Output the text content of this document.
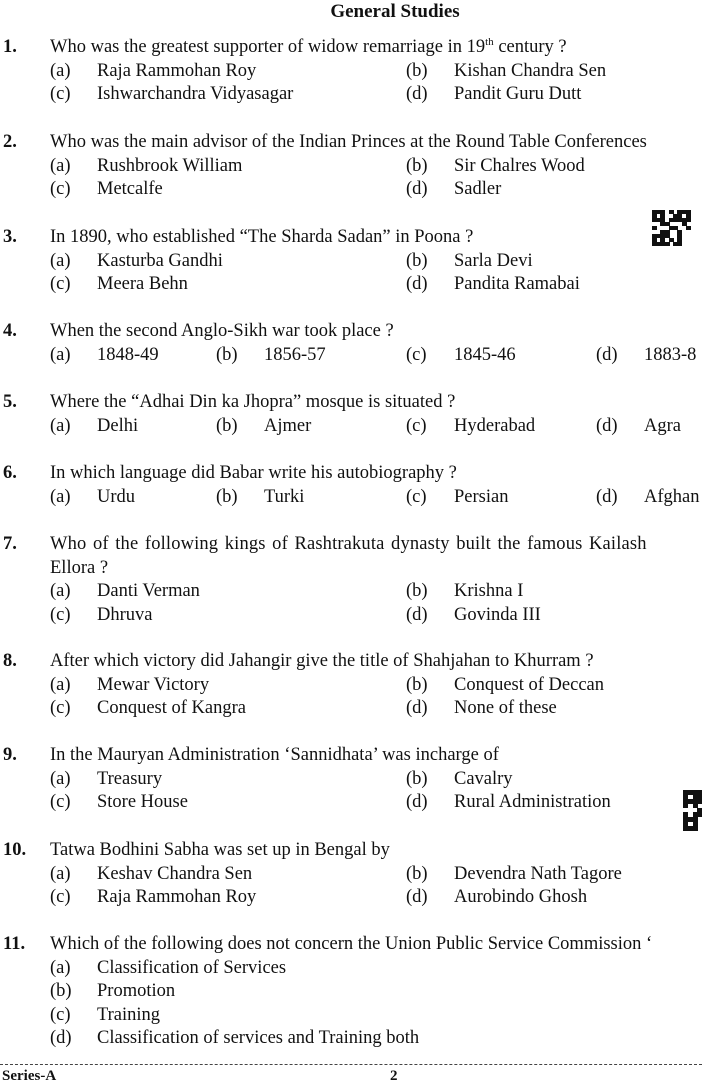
General Studies
1. Who was the greatest supporter of widow remarriage in 19th century ?
(a) Raja Rammohan Roy	(b) Kishan Chandra Sen
(c) Ishwarchandra Vidyasagar	(d) Pandit Guru Dutt
2. Who was the main advisor of the Indian Princes at the Round Table Conferences
(a) Rushbrook William	(b) Sir Chalres Wood
(c) Metcalfe	(d) Sadler
3. In 1890, who established “The Sharda Sadan” in Poona ?
(a) Kasturba Gandhi	(b) Sarla Devi
(c) Meera Behn	(d) Pandita Ramabai
4. When the second Anglo-Sikh war took place ?
(a) 1848-49	(b) 1856-57	(c) 1845-46	(d) 1883-8
5. Where the “Adhai Din ka Jhopra” mosque is situated ?
(a) Delhi	(b) Ajmer	(c) Hyderabad	(d) Agra
6. In which language did Babar write his autobiography ?
(a) Urdu	(b) Turki	(c) Persian	(d) Afghan
7. Who of the following kings of Rashtrakuta dynasty built the famous Kailash
Ellora ?
(a) Danti Verman	(b) Krishna I
(c) Dhruva	(d) Govinda III
8. After which victory did Jahangir give the title of Shahjahan to Khurram ?
(a) Mewar Victory	(b) Conquest of Deccan
(c) Conquest of Kangra	(d) None of these
9. In the Mauryan Administration ‘Sannidhata’ was incharge of
(a) Treasury	(b) Cavalry
(c) Store House	(d) Rural Administration
10. Tatwa Bodhini Sabha was set up in Bengal by
(a) Keshav Chandra Sen	(b) Devendra Nath Tagore
(c) Raja Rammohan Roy	(d) Aurobindo Ghosh
11. Which of the following does not concern the Union Public Service Commission ‘
(a) Classification of Services
(b) Promotion
(c) Training
(d) Classification of services and Training both
Series-A	2
